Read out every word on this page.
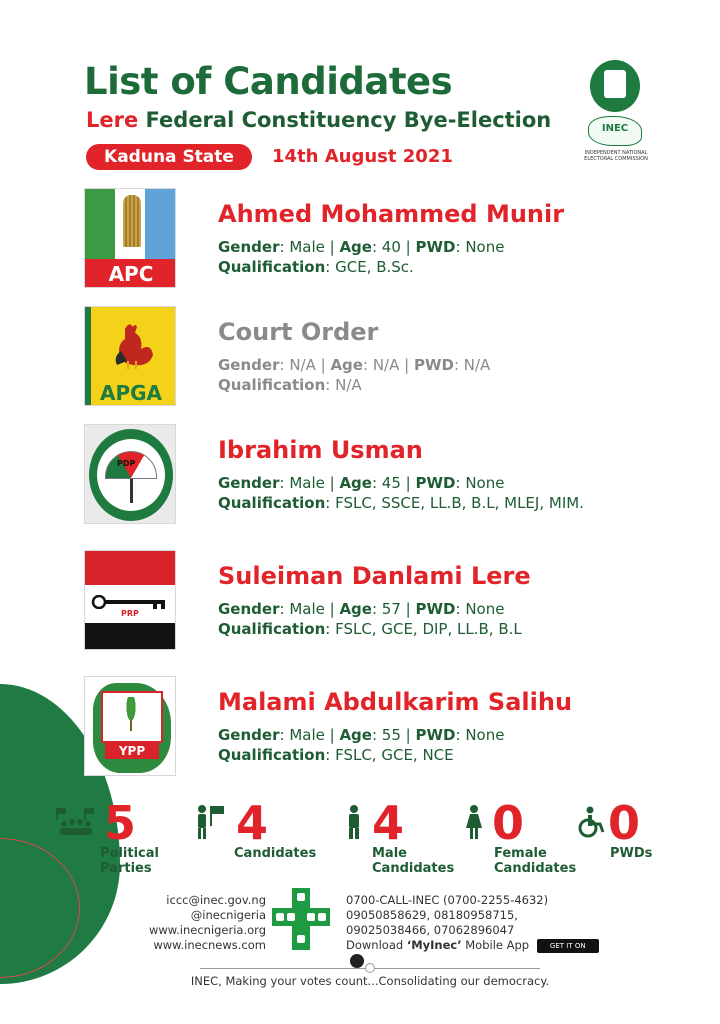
List of Candidates
Lere Federal Constituency Bye-Election
Kaduna State	14th August 2021
INEC
INDEPENDENT NATIONAL ELECTORAL COMMISSION
APC
Ahmed Mohammed Munir
Gender: Male | Age: 40 | PWD: None
Qualification: GCE, B.Sc.
APGA
Court Order
Gender: N/A | Age: N/A | PWD: N/A
Qualification: N/A
PDP	Ibrahim Usman
Gender: Male | Age: 45 | PWD: None
Qualification: FSLC, SSCE, LL.B, B.L, MLEJ, MIM.
PRP
Suleiman Danlami Lere
Gender: Male | Age: 57 | PWD: None
Qualification: FSLC, GCE, DIP, LL.B, B.L
YPP
Malami Abdulkarim Salihu
Gender: Male | Age: 55 | PWD: None
Qualification: FSLC, GCE, NCE
5
Political
Parties
4
Candidates

4
Male
Candidates
0
Female
Candidates
0
PWDs

iccc@inec.gov.ng
@inecnigeria
www.inecnigeria.org
www.inecnews.com
0700-CALL-INEC (0700-2255-4632)
09050858629, 08180958715,
09025038466, 07062896047
Download ‘MyInec’ Mobile App	GET IT ON Google Play
INEC, Making your votes count...Consolidating our democracy.
